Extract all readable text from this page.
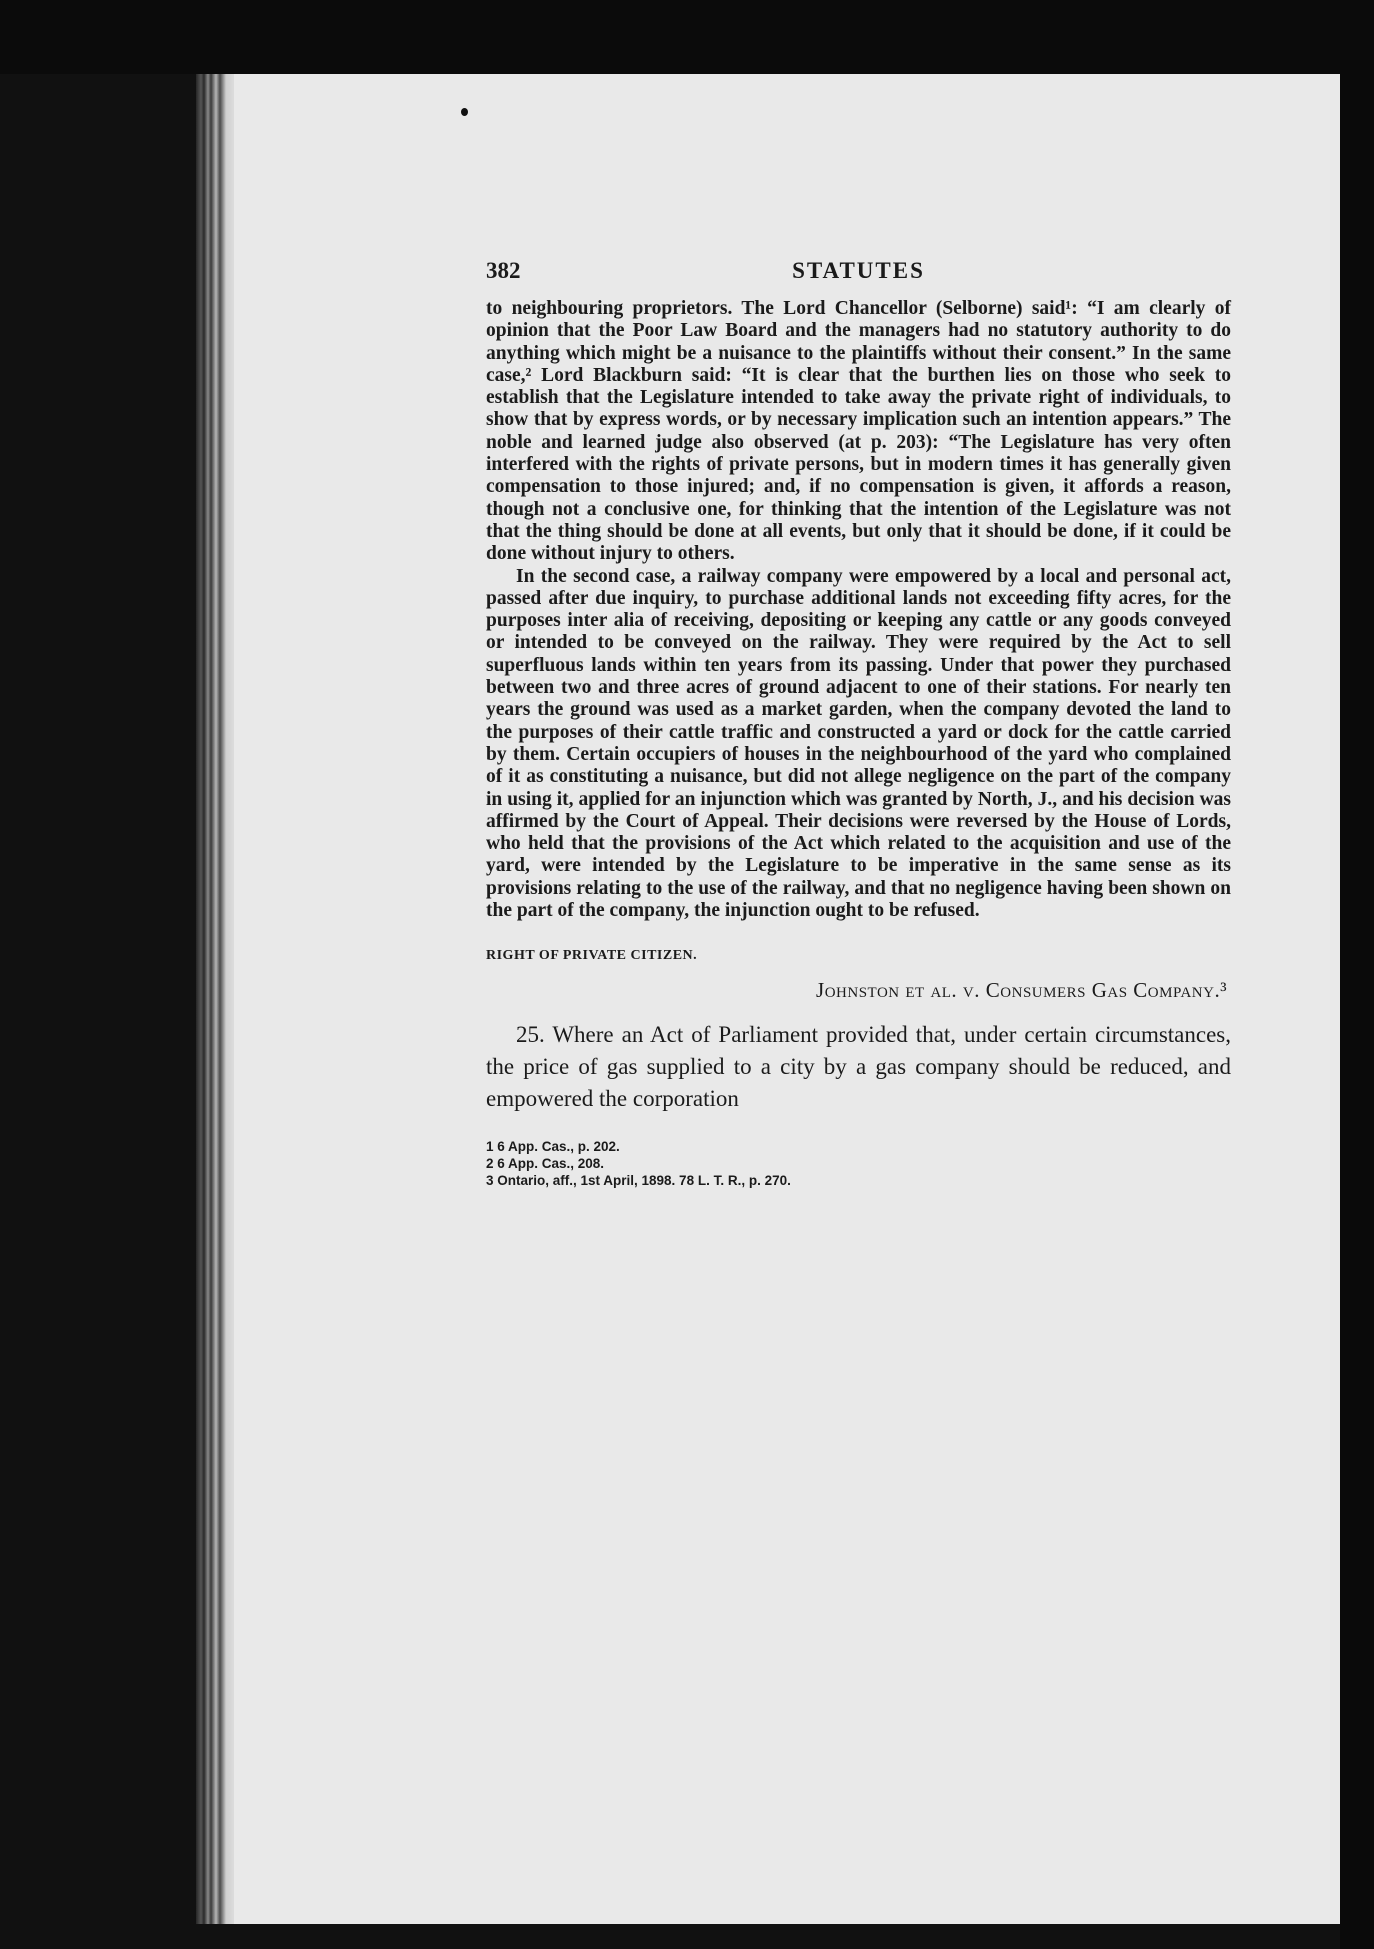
382	STATUTES

to neighbouring proprietors. The Lord Chancellor (Selborne) said¹: “I am clearly of opinion that the Poor Law Board and the managers had no statutory authority to do anything which might be a nuisance to the plaintiffs without their consent.” In the same case,² Lord Blackburn said: “It is clear that the burthen lies on those who seek to establish that the Legislature intended to take away the private right of individuals, to show that by express words, or by necessary implication such an intention appears.” The noble and learned judge also observed (at p. 203): “The Legislature has very often interfered with the rights of private persons, but in modern times it has generally given compensation to those injured; and, if no compensation is given, it affords a reason, though not a conclusive one, for thinking that the intention of the Legislature was not that the thing should be done at all events, but only that it should be done, if it could be done without injury to others.

In the second case, a railway company were empowered by a local and personal act, passed after due inquiry, to purchase additional lands not exceeding fifty acres, for the purposes inter alia of receiving, depositing or keeping any cattle or any goods conveyed or intended to be conveyed on the railway. They were required by the Act to sell superfluous lands within ten years from its passing. Under that power they purchased between two and three acres of ground adjacent to one of their stations. For nearly ten years the ground was used as a market garden, when the company devoted the land to the purposes of their cattle traffic and constructed a yard or dock for the cattle carried by them. Certain occupiers of houses in the neighbourhood of the yard who complained of it as constituting a nuisance, but did not allege negligence on the part of the company in using it, applied for an injunction which was granted by North, J., and his decision was affirmed by the Court of Appeal. Their decisions were reversed by the House of Lords, who held that the provisions of the Act which related to the acquisition and use of the yard, were intended by the Legislature to be imperative in the same sense as its provisions relating to the use of the railway, and that no negligence having been shown on the part of the company, the injunction ought to be refused.

RIGHT OF PRIVATE CITIZEN.
Johnston et al. v. Consumers Gas Company.³

25. Where an Act of Parliament provided that, under certain circumstances, the price of gas supplied to a city by a gas company should be reduced, and empowered the corporation

1 6 App. Cas., p. 202.
2 6 App. Cas., 208.
3 Ontario, aff., 1st April, 1898. 78 L. T. R., p. 270.
